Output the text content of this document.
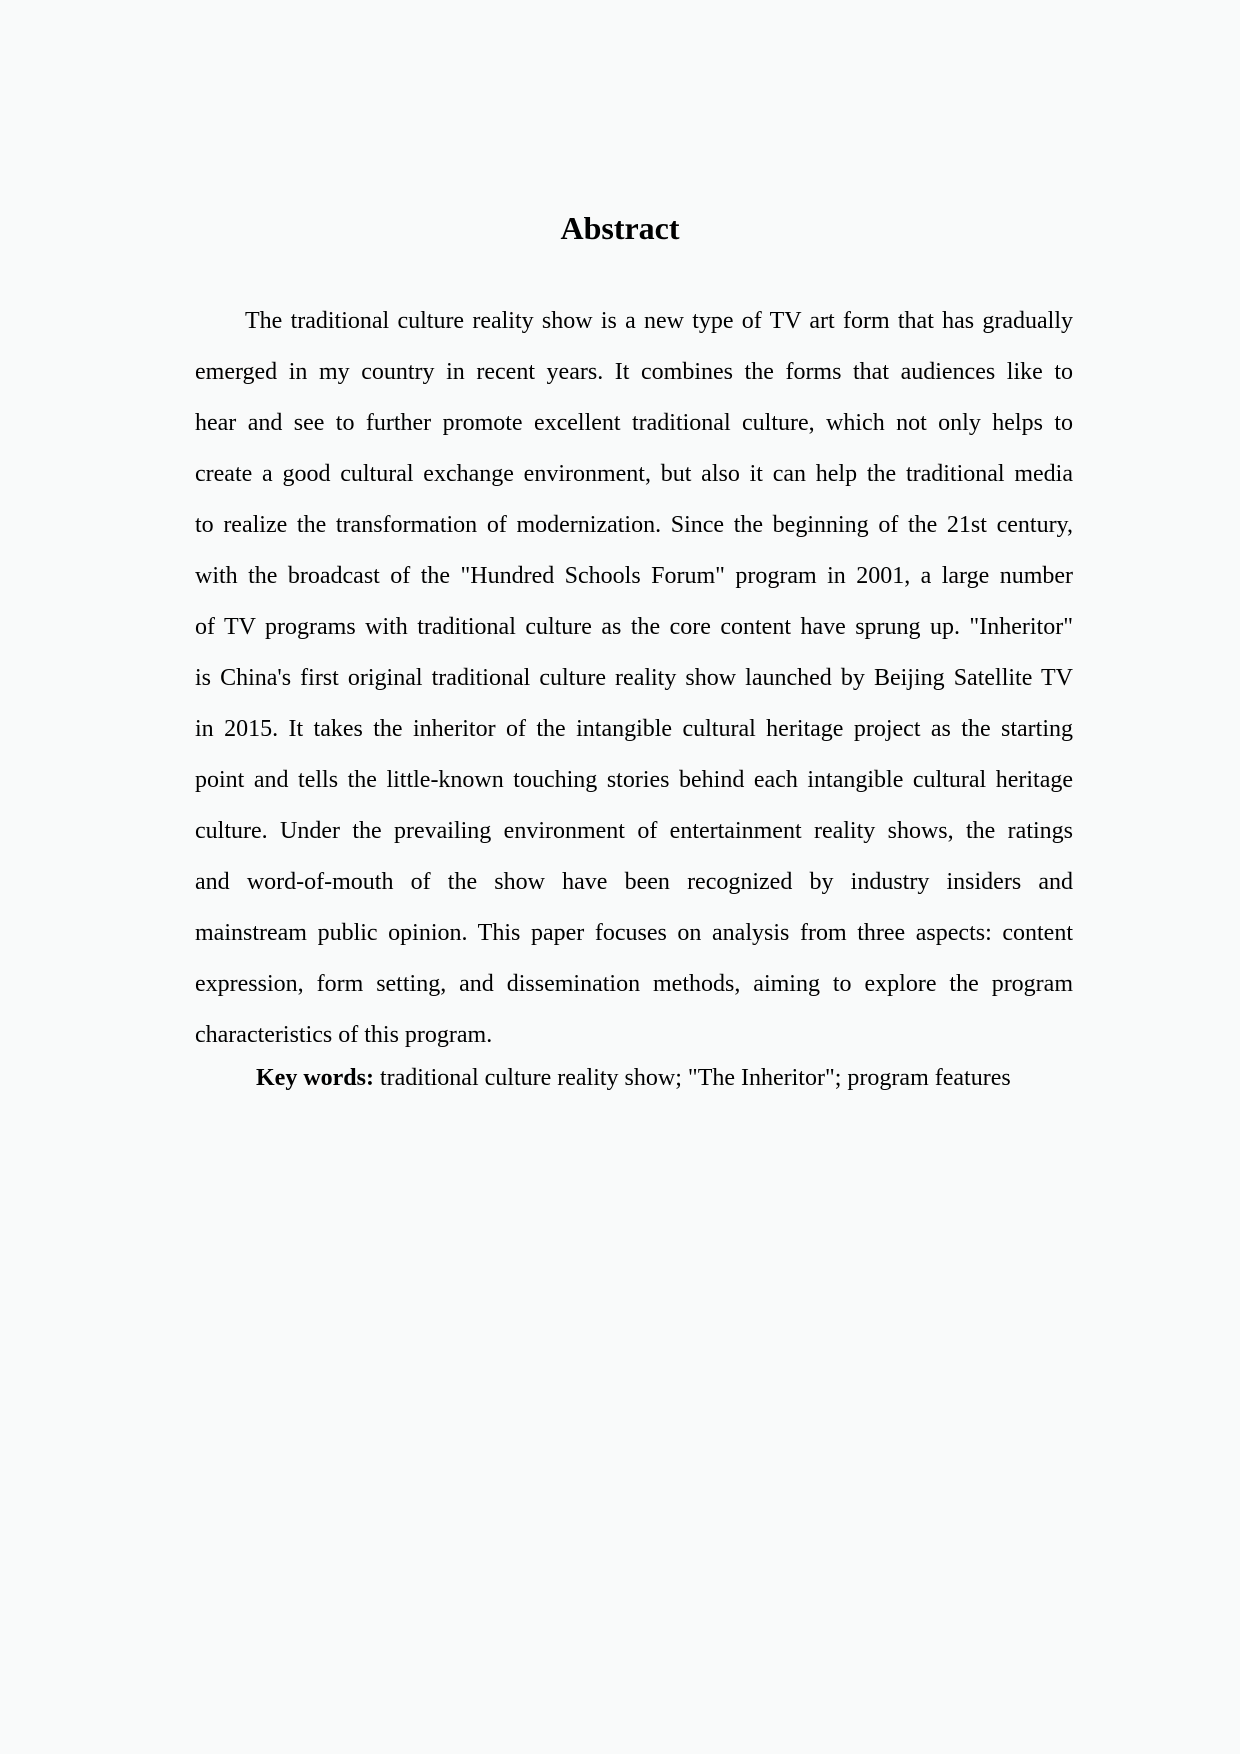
Abstract
The traditional culture reality show is a new type of TV art form that has gradually
emerged in my country in recent years. It combines the forms that audiences like to
hear and see to further promote excellent traditional culture, which not only helps to
create a good cultural exchange environment, but also it can help the traditional media
to realize the transformation of modernization. Since the beginning of the 21st century,
with the broadcast of the "Hundred Schools Forum" program in 2001, a large number
of TV programs with traditional culture as the core content have sprung up. "Inheritor"
is China's first original traditional culture reality show launched by Beijing Satellite TV
in 2015. It takes the inheritor of the intangible cultural heritage project as the starting
point and tells the little-known touching stories behind each intangible cultural heritage
culture. Under the prevailing environment of entertainment reality shows, the ratings
and word-of-mouth of the show have been recognized by industry insiders and
mainstream public opinion. This paper focuses on analysis from three aspects: content
expression, form setting, and dissemination methods, aiming to explore the program
characteristics of this program.
Key words: traditional culture reality show; "The Inheritor"; program features
